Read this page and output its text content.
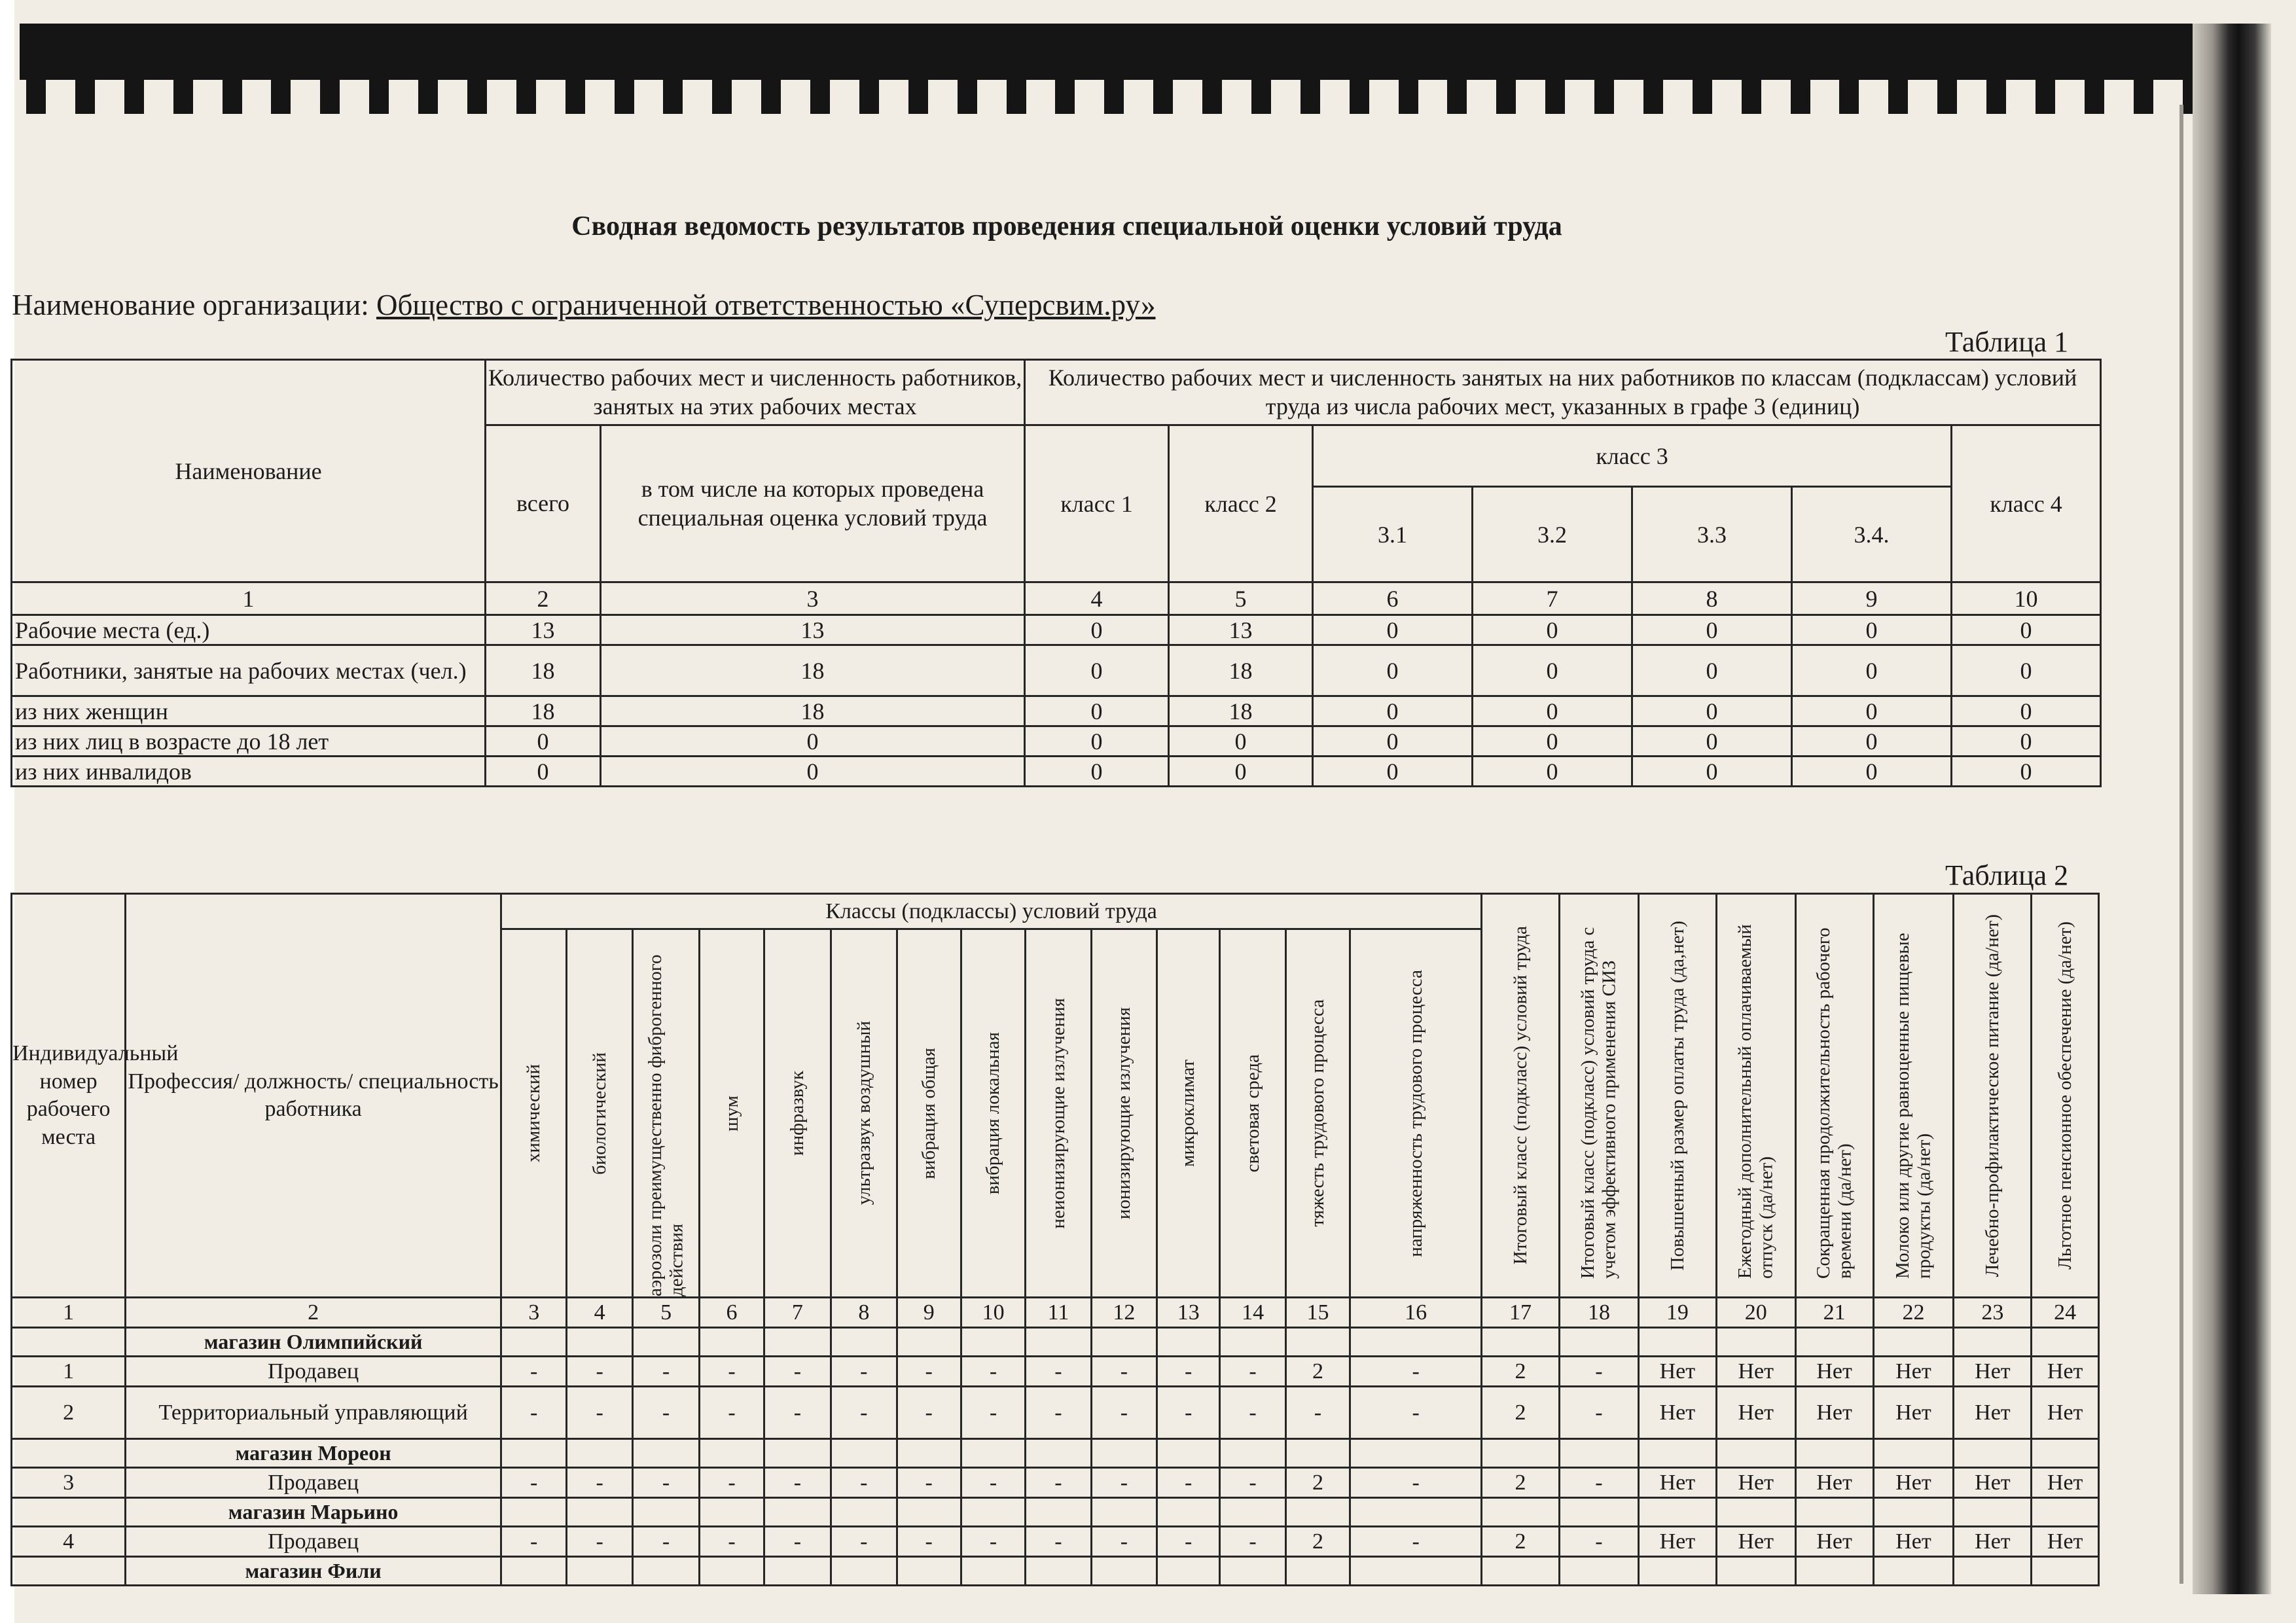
Сводная ведомость результатов проведения специальной оценки условий труда
Наименование организации: Общество с ограниченной ответственностью «Суперсвим.ру»
Таблица 1
Наименование	Количество рабочих мест и численность работников, занятых на этих рабочих местах		Количество рабочих мест и численность занятых на них работников по классам (подклассам) условий труда из числа рабочих мест, указанных в графе 3 (единиц)						
	всего	в том числе на которых проведена специальная оценка условий труда	класс 1	класс 2	класс 3				класс 4
					3.1	3.2	3.3	3.4.	
1	2	3	4	5	6	7	8	9	10
Рабочие места (ед.)	13	13	0	13	0	0	0	0	0
Работники, занятые на рабочих местах (чел.)	18	18	0	18	0	0	0	0	0
из них женщин	18	18	0	18	0	0	0	0	0
из них лиц в возрасте до 18 лет	0	0	0	0	0	0	0	0	0
из них инвалидов	0	0	0	0	0	0	0	0	0
Таблица 2
Индивидуальный номер рабочего места	Профессия/ должность/ специальность работника	Классы (подклассы) условий труда														Итоговый класс (подкласс) условий труда	Итоговый класс (подкласс) условий труда с учетом эффективного применения СИЗ	Повышенный размер оплаты труда (да,нет)	Ежегодный дополнительный оплачиваемый отпуск (да/нет)	Сокращенная продолжительность рабочего времени (да/нет)	Молоко или другие равноценные пищевые продукты (да/нет)	Лечебно-профилактическое питание (да/нет)	Льготное пенсионное обеспечение (да/нет)

		химический	биологический	аэрозоли преимущественно фиброгенного действия	шум	инфразвук	ультразвук воздушный	вибрация общая	вибрация локальная	неионизирующие излучения	ионизирующие излучения	микроклимат	световая среда	тяжесть трудового процесса	напряженность трудового процесса								

1	2	3	4	5	6	7	8	9	10	11	12	13	14	15	16	17	18	19	20	21	22	23	24
	магазин Олимпийский																						
1	Продавец	-	-	-	-	-	-	-	-	-	-	-	-	2	-	2	-	Нет	Нет	Нет	Нет	Нет	Нет
2	Территориальный управляющий	-	-	-	-	-	-	-	-	-	-	-	-	-	-	2	-	Нет	Нет	Нет	Нет	Нет	Нет
	магазин Мореон																						
3	Продавец	-	-	-	-	-	-	-	-	-	-	-	-	2	-	2	-	Нет	Нет	Нет	Нет	Нет	Нет
	магазин Марьино																						
4	Продавец	-	-	-	-	-	-	-	-	-	-	-	-	2	-	2	-	Нет	Нет	Нет	Нет	Нет	Нет
	магазин Фили																						
